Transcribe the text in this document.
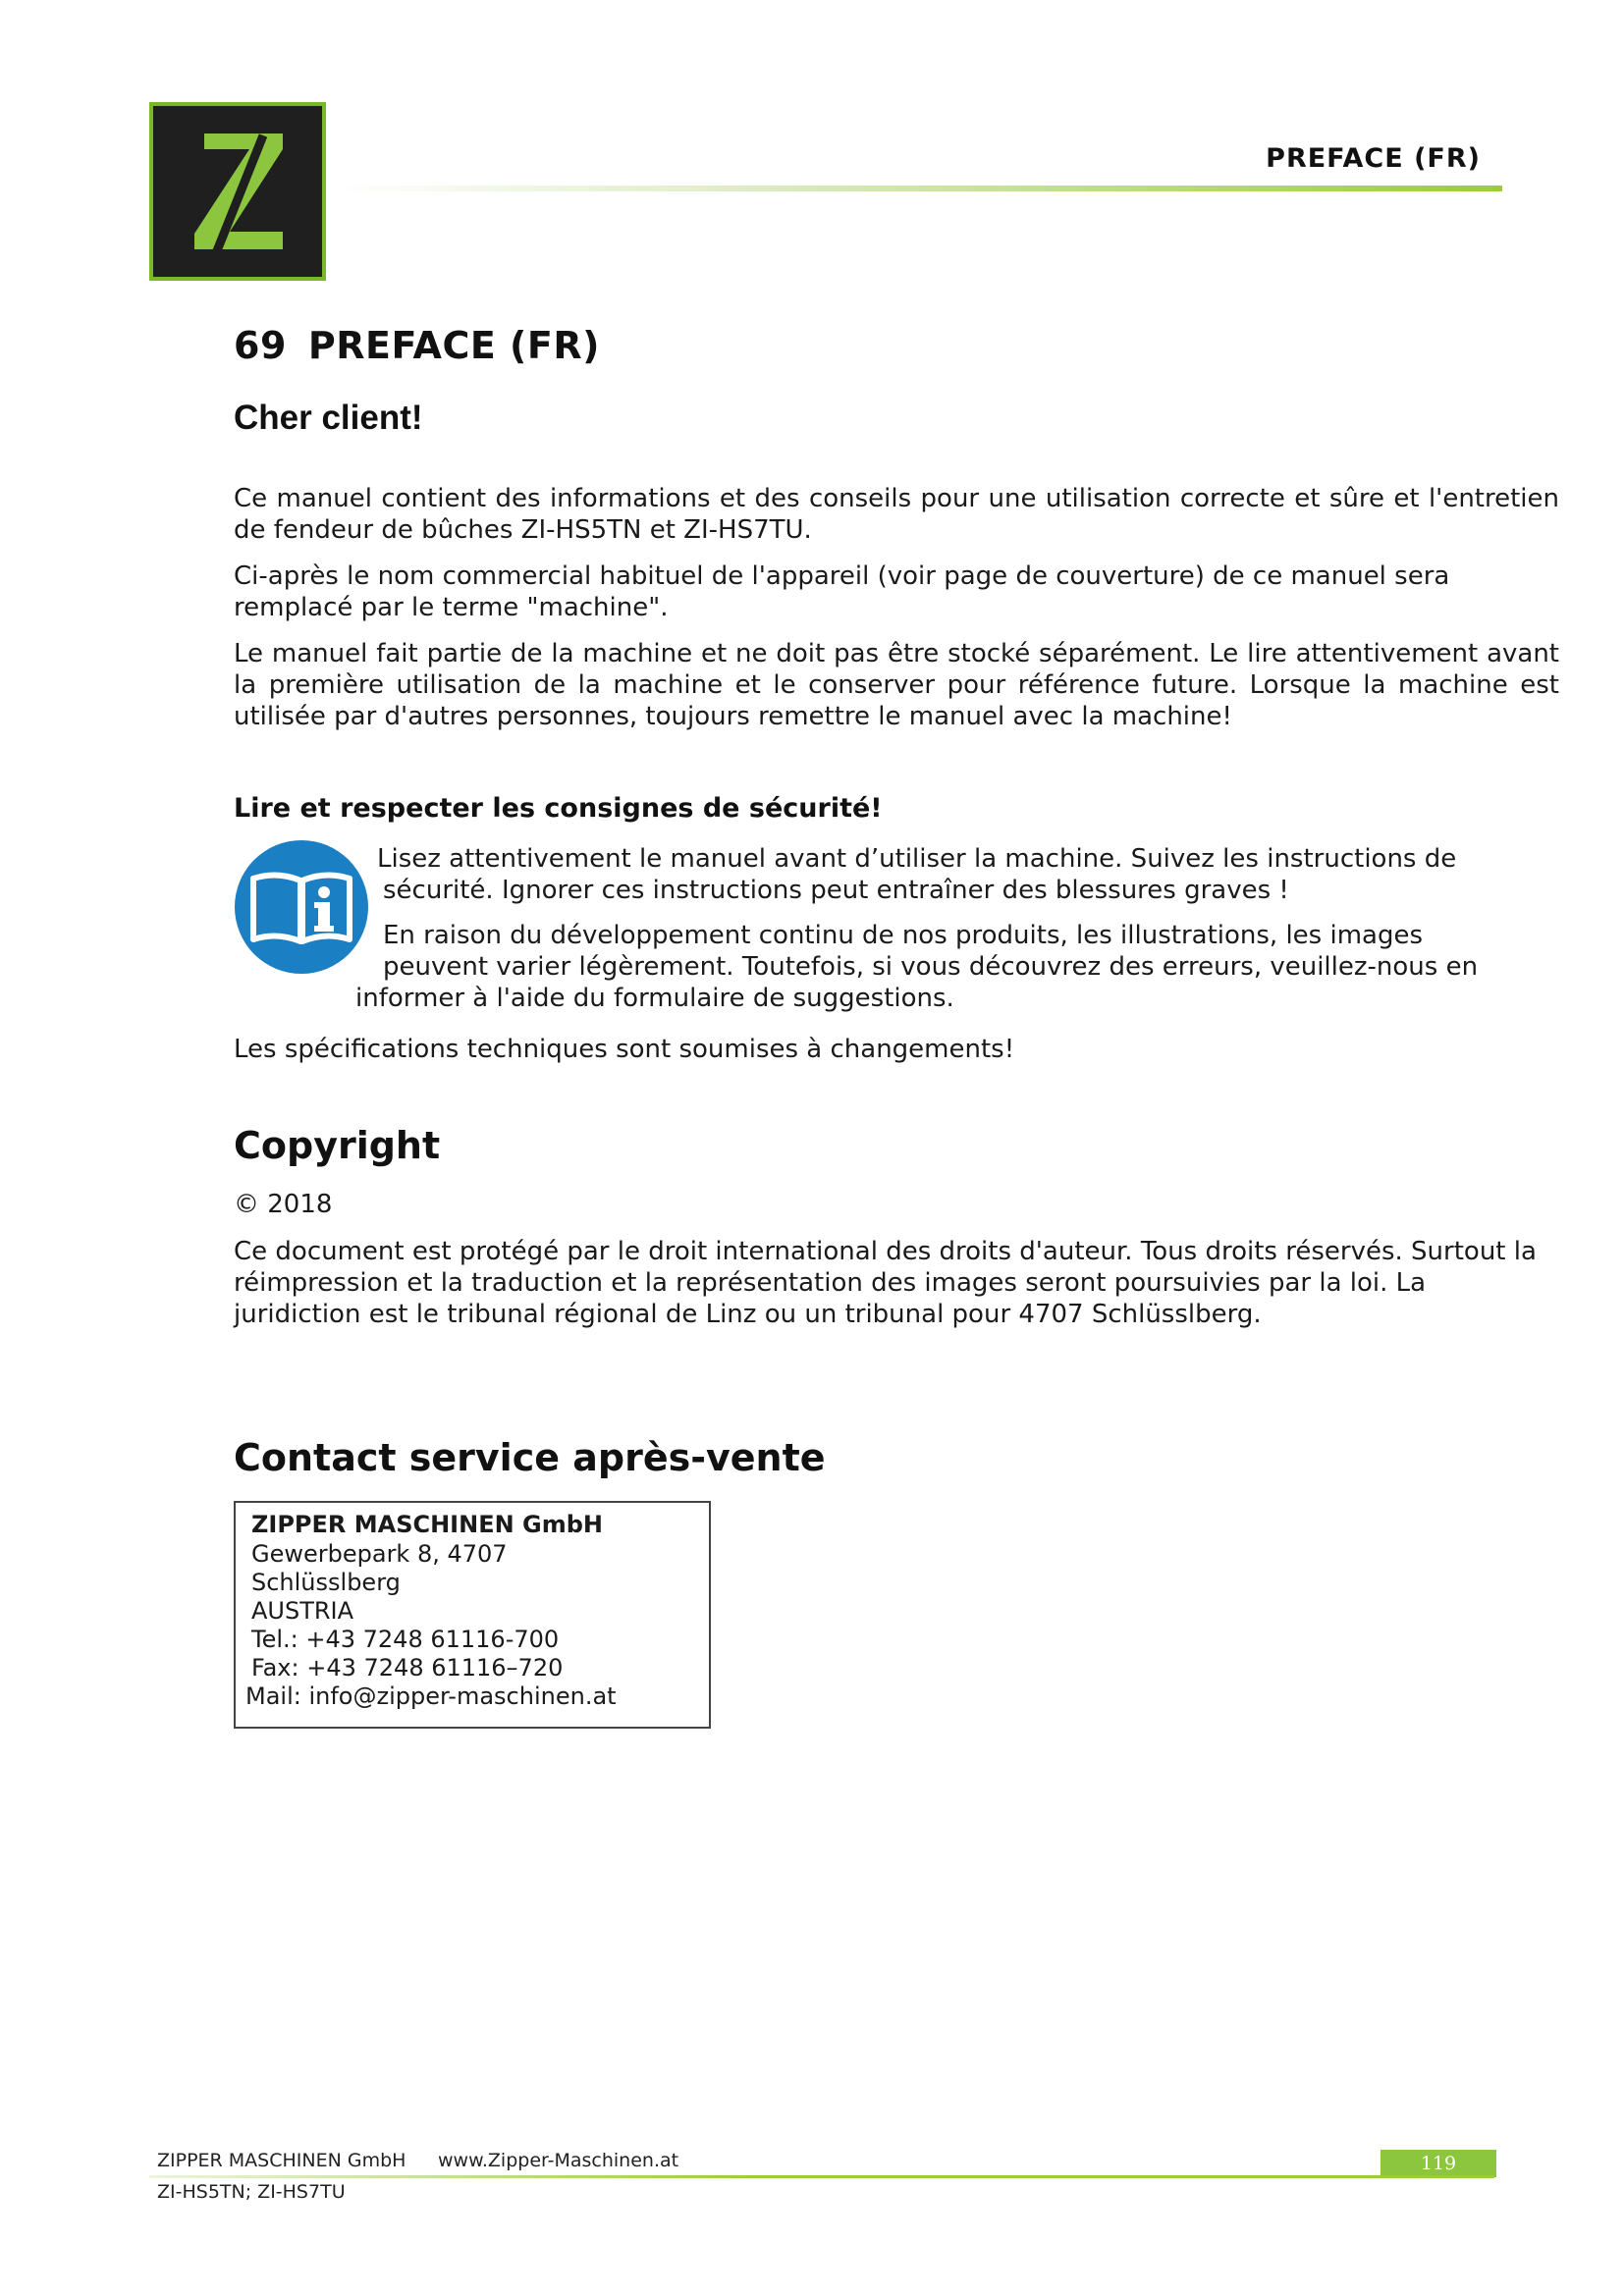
PREFACE (FR)
69 PREFACE (FR)
Cher client!

Ce manuel contient des informations et des conseils pour une utilisation correcte et sûre et l'entretien de fendeur de bûches ZI-HS5TN et ZI-HS7TU.

Ci-après le nom commercial habituel de l'appareil (voir page de couverture) de ce manuel sera remplacé par le terme "machine".

Le manuel fait partie de la machine et ne doit pas être stocké séparément. Le lire attentivement avant la première utilisation de la machine et le conserver pour référence future. Lorsque la machine est utilisée par d'autres personnes, toujours remettre le manuel avec la machine!

Lire et respecter les consignes de sécurité!

Lisez attentivement le manuel avant d’utiliser la machine. Suivez les instructions de

sécurité. Ignorer ces instructions peut entraîner des blessures graves !

En raison du développement continu de nos produits, les illustrations, les images

peuvent varier légèrement. Toutefois, si vous découvrez des erreurs, veuillez-nous en

informer à l'aide du formulaire de suggestions.

Les spécifications techniques sont soumises à changements!

Copyright

© 2018

Ce document est protégé par le droit international des droits d'auteur. Tous droits réservés. Surtout la réimpression et la traduction et la représentation des images seront poursuivies par la loi. La juridiction est le tribunal régional de Linz ou un tribunal pour 4707 Schlüsslberg.

Contact service après-vente
ZIPPER MASCHINEN GmbH
Gewerbepark 8, 4707
Schlüsslberg
AUSTRIA
Tel.: +43 7248 61116-700
Fax: +43 7248 61116–720
Mail: info@zipper-maschinen.at
ZIPPER MASCHINEN GmbH www.Zipper-Maschinen.at	119
ZI-HS5TN; ZI-HS7TU
